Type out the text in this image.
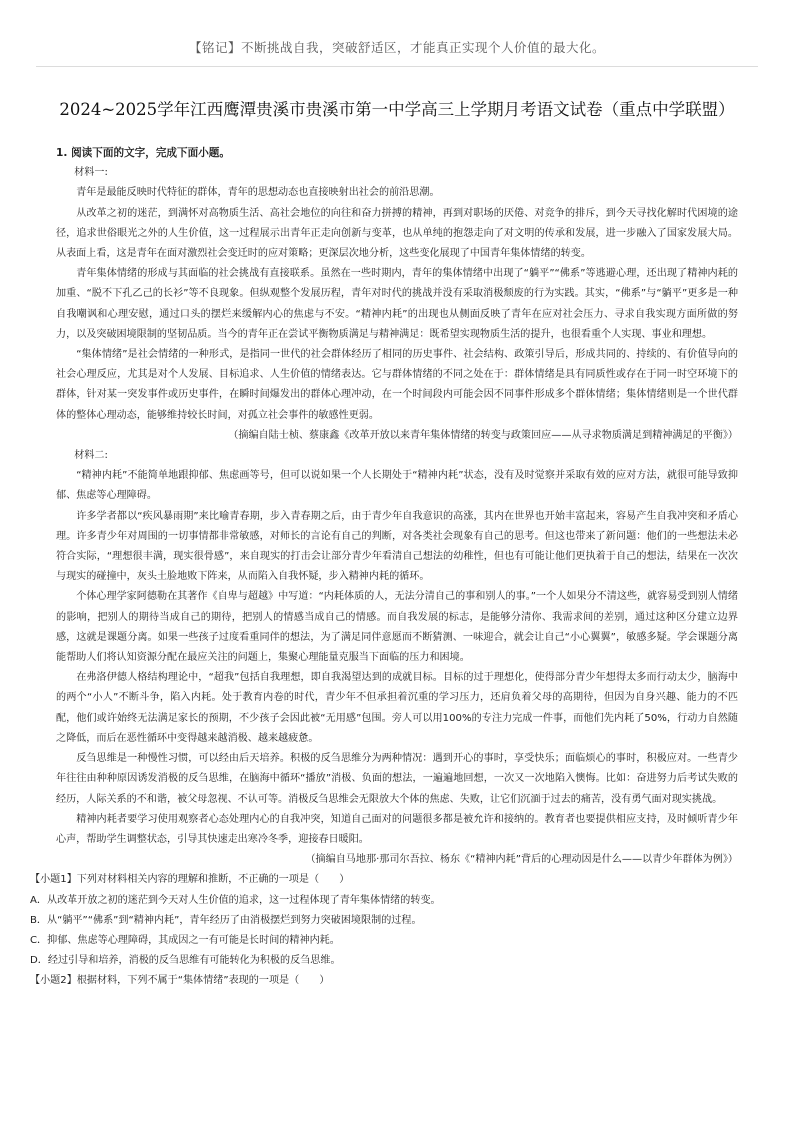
【铭记】不断挑战自我，突破舒适区，才能真正实现个人价值的最大化。
2024~2025学年江西鹰潭贵溪市贵溪市第一中学高三上学期月考语文试卷（重点中学联盟）

1. 阅读下面的文字，完成下面小题。

材料一:

青年是最能反映时代特征的群体，青年的思想动态也直接映射出社会的前沿思潮。

从改革之初的迷茫，到满怀对高物质生活、高社会地位的向往和奋力拼搏的精神，再到对职场的厌倦、对竞争的排斥，到今天寻找化解时代困境的途径，追求世俗眼光之外的人生价值，这一过程展示出青年正走向创新与变革，也从单纯的抱怨走向了对文明的传承和发展，进一步融入了国家发展大局。从表面上看，这是青年在面对激烈社会变迁时的应对策略；更深层次地分析，这些变化展现了中国青年集体情绪的转变。

青年集体情绪的形成与其面临的社会挑战有直接联系。虽然在一些时期内，青年的集体情绪中出现了“躺平”“佛系”等逃避心理，还出现了精神内耗的加重、“脱不下孔乙己的长衫”等不良现象。但纵观整个发展历程，青年对时代的挑战并没有采取消极颓废的行为实践。其实，“佛系”与“躺平”更多是一种自我嘲讽和心理安慰，通过口头的摆烂来缓解内心的焦虑与不安。“精神内耗”的出现也从侧面反映了青年在应对社会压力、寻求自我实现方面所做的努力，以及突破困境限制的坚韧品质。当今的青年正在尝试平衡物质满足与精神满足：既希望实现物质生活的提升，也很看重个人实现、事业和理想。

“集体情绪”是社会情绪的一种形式，是指同一世代的社会群体经历了相同的历史事件、社会结构、政策引导后，形成共同的、持续的、有价值导向的社会心理反应，尤其是对个人发展、目标追求、人生价值的情绪表达。它与群体情绪的不同之处在于：群体情绪是具有同质性或存在于同一时空环境下的群体，针对某一突发事件或历史事件，在瞬时间爆发出的群体心理冲动，在一个时间段内可能会因不同事件形成多个群体情绪；集体情绪则是一个世代群体的整体心理动态，能够维持较长时间，对孤立社会事件的敏感性更弱。

（摘编自陆士桢、蔡康鑫《改革开放以来青年集体情绪的转变与政策回应——从寻求物质满足到精神满足的平衡》）

材料二:

“精神内耗”不能简单地跟抑郁、焦虑画等号，但可以说如果一个人长期处于“精神内耗”状态，没有及时觉察并采取有效的应对方法，就很可能导致抑郁、焦虑等心理障碍。

许多学者都以“疾风暴雨期”来比喻青春期，步入青春期之后，由于青少年自我意识的高涨，其内在世界也开始丰富起来，容易产生自我冲突和矛盾心理。许多青少年对周围的一切事情都非常敏感，对师长的言论有自己的判断，对各类社会现象有自己的思考。但这也带来了新问题：他们的一些想法未必符合实际，“理想很丰满，现实很骨感”，来自现实的打击会让部分青少年看清自己想法的幼稚性，但也有可能让他们更执着于自己的想法，结果在一次次与现实的碰撞中，灰头土脸地败下阵来，从而陷入自我怀疑，步入精神内耗的循环。

个体心理学家阿德勒在其著作《自卑与超越》中写道：“内耗体质的人，无法分清自己的事和别人的事。”一个人如果分不清这些，就容易受到别人情绪的影响，把别人的期待当成自己的期待，把别人的情感当成自己的情感。而自我发展的标志，是能够分清你、我需求间的差别，通过这种区分建立边界感，这就是课题分离。如果一些孩子过度看重同伴的想法，为了满足同伴意愿而不断猜测、一味迎合，就会让自己“小心翼翼”，敏感多疑。学会课题分离能帮助人们将认知资源分配在最应关注的问题上，集聚心理能量克服当下面临的压力和困境。

在弗洛伊德人格结构理论中，“超我”包括自我理想，即自我渴望达到的成就目标。目标的过于理想化，使得部分青少年想得太多而行动太少，脑海中的两个“小人”不断斗争，陷入内耗。处于教育内卷的时代，青少年不但承担着沉重的学习压力，还肩负着父母的高期待，但因为自身兴趣、能力的不匹配，他们或许始终无法满足家长的预期，不少孩子会因此被“无用感”包围。旁人可以用100%的专注力完成一件事，而他们先内耗了50%，行动力自然随之降低，而后在恶性循环中变得越来越消极、越来越疲惫。

反刍思维是一种慢性习惯，可以经由后天培养。积极的反刍思维分为两种情况：遇到开心的事时，享受快乐；面临烦心的事时，积极应对。一些青少年往往由种种原因诱发消极的反刍思维，在脑海中循环“播放”消极、负面的想法，一遍遍地回想，一次又一次地陷入懊悔。比如：奋进努力后考试失败的经历，人际关系的不和谐，被父母忽视、不认可等。消极反刍思维会无限放大个体的焦虑、失败，让它们沉湎于过去的痛苦，没有勇气面对现实挑战。

精神内耗者要学习使用观察者心态处理内心的自我冲突，知道自己面对的问题很多都是被允许和接纳的。教育者也要提供相应支持，及时倾听青少年心声，帮助学生调整状态，引导其快速走出寒冷冬季，迎接春日暖阳。

（摘编自马地那·那司尔吾拉、杨东《“精神内耗”背后的心理动因是什么——以青少年群体为例》）

【小题1】下列对材料相关内容的理解和推断，不正确的一项是（　　）

A．从改革开放之初的迷茫到今天对人生价值的追求，这一过程体现了青年集体情绪的转变。

B．从“躺平”“佛系”到“精神内耗”，青年经历了由消极摆烂到努力突破困境限制的过程。

C．抑郁、焦虑等心理障碍，其成因之一有可能是长时间的精神内耗。

D．经过引导和培养，消极的反刍思维有可能转化为积极的反刍思维。

【小题2】根据材料，下列不属于“集体情绪”表现的一项是（　　）
